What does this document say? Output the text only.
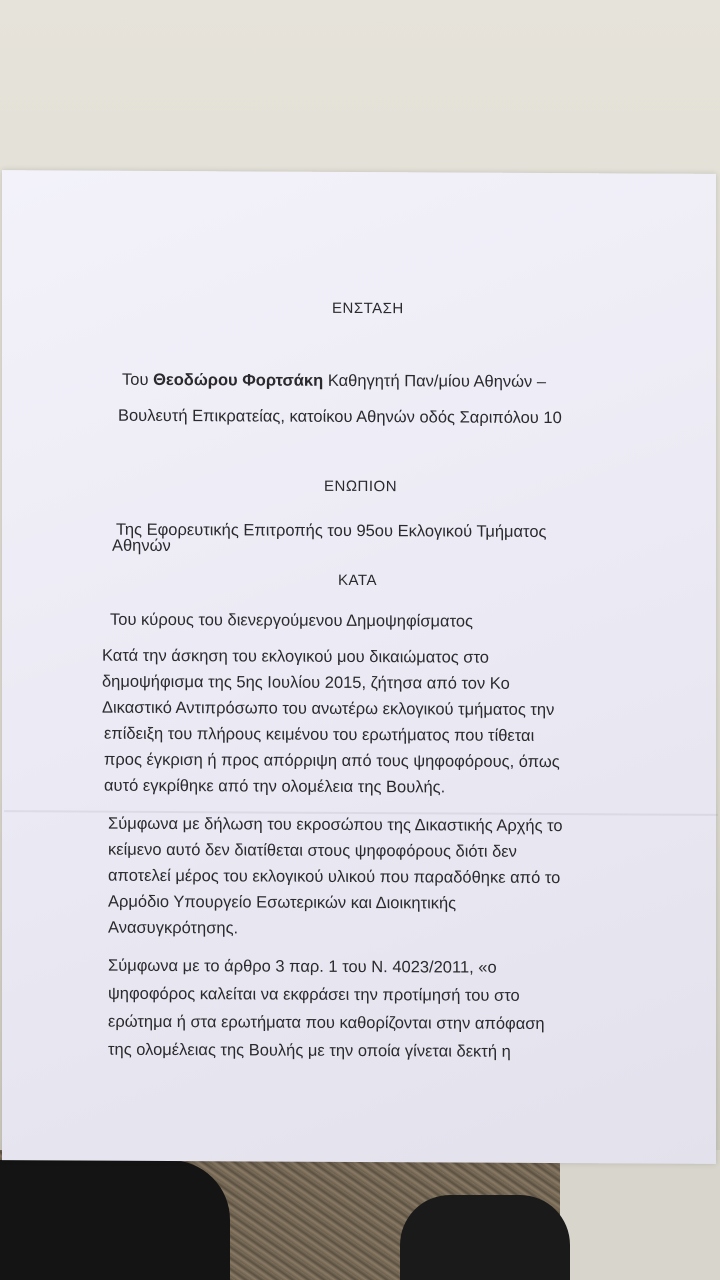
ΕΝΣΤΑΣΗ
Του Θεοδώρου Φορτσάκη Καθηγητή Παν/μίου Αθηνών –
Βουλευτή Επικρατείας, κατοίκου Αθηνών οδός Σαριπόλου 10
ΕΝΩΠΙΟΝ
Της Εφορευτικής Επιτροπής του 95ου Εκλογικού Τμήματος
Αθηνών
ΚΑΤΑ
Του κύρους του διενεργούμενου Δημοψηφίσματος
Κατά την άσκηση του εκλογικού μου δικαιώματος στο
δημοψήφισμα της 5ης Ιουλίου 2015, ζήτησα από τον Κο
Δικαστικό Αντιπρόσωπο του ανωτέρω εκλογικού τμήματος την
επίδειξη του πλήρους κειμένου του ερωτήματος που τίθεται
προς έγκριση ή προς απόρριψη από τους ψηφοφόρους, όπως
αυτό εγκρίθηκε από την ολομέλεια της Βουλής.
Σύμφωνα με δήλωση του εκροσώπου της Δικαστικής Αρχής το
κείμενο αυτό δεν διατίθεται στους ψηφοφόρους διότι δεν
αποτελεί μέρος του εκλογικού υλικού που παραδόθηκε από το
Αρμόδιο Υπουργείο Εσωτερικών και Διοικητικής
Ανασυγκρότησης.
Σύμφωνα με το άρθρο 3 παρ. 1 του Ν. 4023/2011, «ο
ψηφοφόρος καλείται να εκφράσει την προτίμησή του στο
ερώτημα ή στα ερωτήματα που καθορίζονται στην απόφαση
της ολομέλειας της Βουλής με την οποία γίνεται δεκτή η
